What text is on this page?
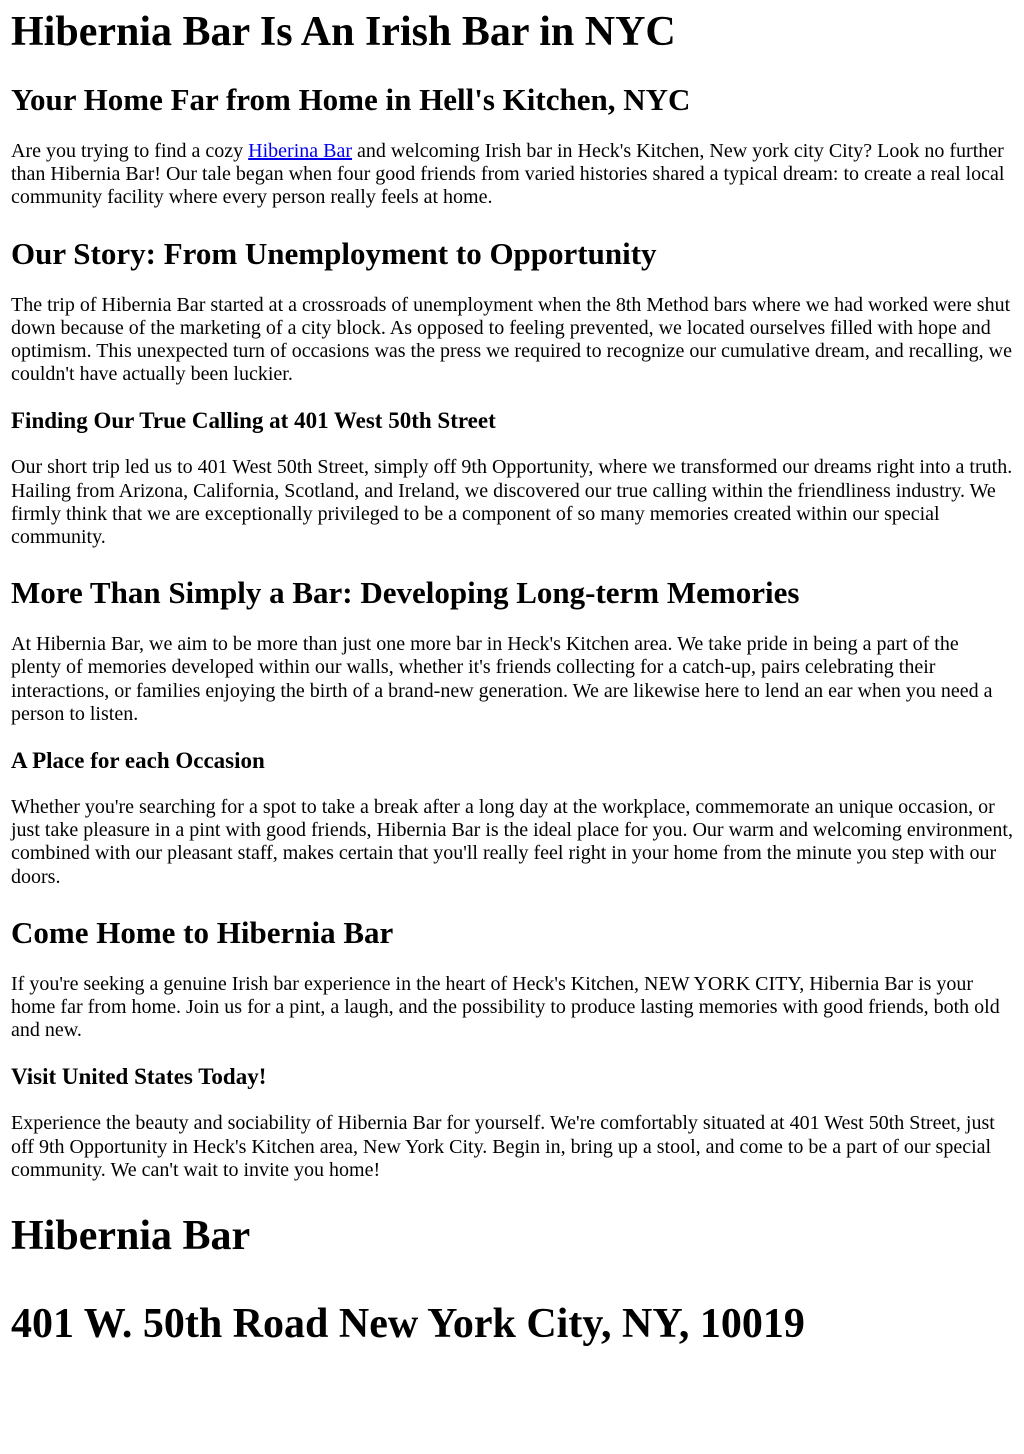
Hibernia Bar Is An Irish Bar in NYC
Your Home Far from Home in Hell's Kitchen, NYC

Are you trying to find a cozy Hiberina Bar and welcoming Irish bar in Heck's Kitchen, New york city City? Look no further than Hibernia Bar! Our tale began when four good friends from varied histories shared a typical dream: to create a real local community facility where every person really feels at home.

Our Story: From Unemployment to Opportunity

The trip of Hibernia Bar started at a crossroads of unemployment when the 8th Method bars where we had worked were shut down because of the marketing of a city block. As opposed to feeling prevented, we located ourselves filled with hope and optimism. This unexpected turn of occasions was the press we required to recognize our cumulative dream, and recalling, we couldn't have actually been luckier.

Finding Our True Calling at 401 West 50th Street

Our short trip led us to 401 West 50th Street, simply off 9th Opportunity, where we transformed our dreams right into a truth. Hailing from Arizona, California, Scotland, and Ireland, we discovered our true calling within the friendliness industry. We firmly think that we are exceptionally privileged to be a component of so many memories created within our special community.

More Than Simply a Bar: Developing Long-term Memories

At Hibernia Bar, we aim to be more than just one more bar in Heck's Kitchen area. We take pride in being a part of the plenty of memories developed within our walls, whether it's friends collecting for a catch-up, pairs celebrating their interactions, or families enjoying the birth of a brand-new generation. We are likewise here to lend an ear when you need a person to listen.

A Place for each Occasion

Whether you're searching for a spot to take a break after a long day at the workplace, commemorate an unique occasion, or just take pleasure in a pint with good friends, Hibernia Bar is the ideal place for you. Our warm and welcoming environment, combined with our pleasant staff, makes certain that you'll really feel right in your home from the minute you step with our doors.

Come Home to Hibernia Bar

If you're seeking a genuine Irish bar experience in the heart of Heck's Kitchen, NEW YORK CITY, Hibernia Bar is your home far from home. Join us for a pint, a laugh, and the possibility to produce lasting memories with good friends, both old and new.

Visit United States Today!

Experience the beauty and sociability of Hibernia Bar for yourself. We're comfortably situated at 401 West 50th Street, just off 9th Opportunity in Heck's Kitchen area, New York City. Begin in, bring up a stool, and come to be a part of our special community. We can't wait to invite you home!

Hibernia Bar
401 W. 50th Road New York City, NY, 10019
